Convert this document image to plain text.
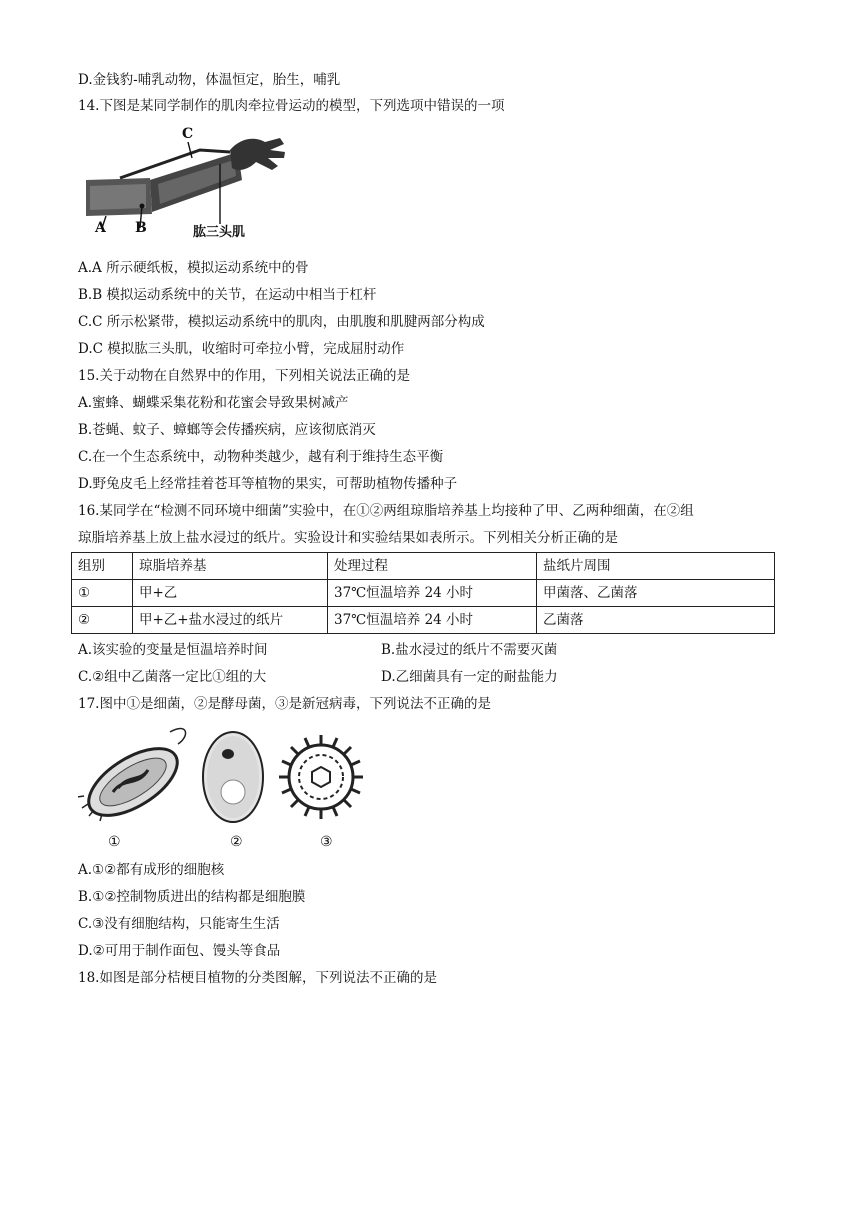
D.金钱豹-哺乳动物，体温恒定，胎生，哺乳
14.下图是某同学制作的肌肉牵拉骨运动的模型，下列选项中错误的一项
A B
C
肱三头肌
A.A 所示硬纸板，模拟运动系统中的骨
B.B 模拟运动系统中的关节，在运动中相当于杠杆
C.C 所示松紧带，模拟运动系统中的肌肉，由肌腹和肌腱两部分构成
D.C 模拟肱三头肌，收缩时可牵拉小臂，完成屈肘动作
15.关于动物在自然界中的作用，下列相关说法正确的是
A.蜜蜂、蝴蝶采集花粉和花蜜会导致果树减产
B.苍蝇、蚊子、蟑螂等会传播疾病，应该彻底消灭
C.在一个生态系统中，动物种类越少，越有利于维持生态平衡
D.野兔皮毛上经常挂着苍耳等植物的果实，可帮助植物传播种子
16.某同学在“检测不同环境中细菌”实验中，在①②两组琼脂培养基上均接种了甲、乙两种细菌，在②组
琼脂培养基上放上盐水浸过的纸片。实验设计和实验结果如表所示。下列相关分析正确的是
组别	琼脂培养基	处理过程	盐纸片周围
①	甲+乙	37℃恒温培养 24 小时	甲菌落、乙菌落
②	甲+乙+盐水浸过的纸片	37℃恒温培养 24 小时	乙菌落
A.该实验的变量是恒温培养时间	B.盐水浸过的纸片不需要灭菌
C.②组中乙菌落一定比①组的大	D.乙细菌具有一定的耐盐能力
17.图中①是细菌，②是酵母菌，③是新冠病毒，下列说法不正确的是
①	②	③
A.①②都有成形的细胞核
B.①②控制物质进出的结构都是细胞膜
C.③没有细胞结构，只能寄生生活
D.②可用于制作面包、馒头等食品
18.如图是部分桔梗目植物的分类图解，下列说法不正确的是
